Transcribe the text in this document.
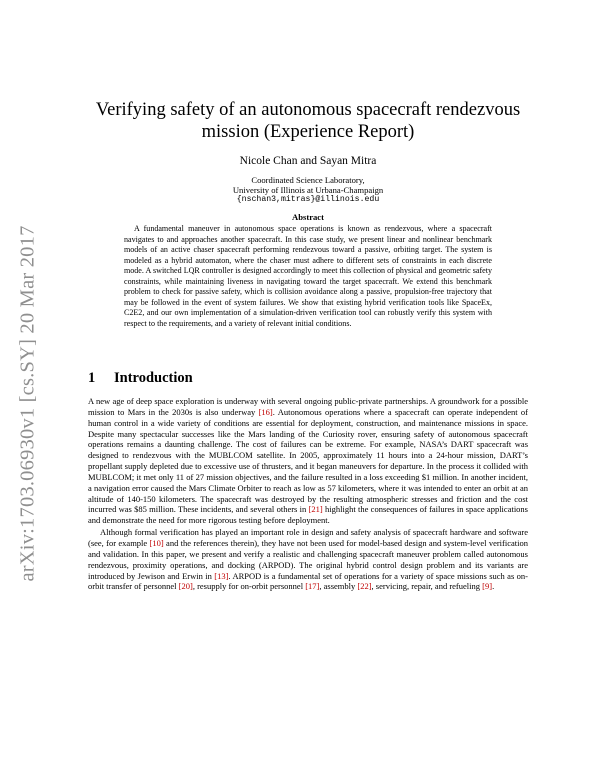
arXiv:1703.06930v1 [cs.SY] 20 Mar 2017
Verifying safety of an autonomous spacecraft rendezvous
mission (Experience Report)
Nicole Chan and Sayan Mitra
Coordinated Science Laboratory,
University of Illinois at Urbana-Champaign
{nschan3,mitras}@illinois.edu
Abstract
A fundamental maneuver in autonomous space operations is known as rendezvous, where a spacecraft navigates to and approaches another spacecraft. In this case study, we present linear and nonlinear benchmark models of an active chaser spacecraft performing rendezvous toward a passive, orbiting target. The system is modeled as a hybrid automaton, where the chaser must adhere to different sets of constraints in each discrete mode. A switched LQR controller is designed accordingly to meet this collection of physical and geometric safety constraints, while maintaining liveness in navigating toward the target spacecraft. We extend this benchmark problem to check for passive safety, which is collision avoidance along a passive, propulsion-free trajectory that may be followed in the event of system failures. We show that existing hybrid verification tools like SpaceEx, C2E2, and our own implementation of a simulation-driven verification tool can robustly verify this system with respect to the requirements, and a variety of relevant initial conditions.
1 Introduction

A new age of deep space exploration is underway with several ongoing public-private partnerships. A groundwork for a possible mission to Mars in the 2030s is also underway [16]. Autonomous operations where a spacecraft can operate independent of human control in a wide variety of conditions are essential for deployment, construction, and maintenance missions in space. Despite many spectacular successes like the Mars landing of the Curiosity rover, ensuring safety of autonomous spacecraft operations remains a daunting challenge. The cost of failures can be extreme. For example, NASA’s DART spacecraft was designed to rendezvous with the MUBLCOM satellite. In 2005, approximately 11 hours into a 24-hour mission, DART’s propellant supply depleted due to excessive use of thrusters, and it began maneuvers for departure. In the process it collided with MUBLCOM; it met only 11 of 27 mission objectives, and the failure resulted in a loss exceeding $1 million. In another incident, a navigation error caused the Mars Climate Orbiter to reach as low as 57 kilometers, where it was intended to enter an orbit at an altitude of 140-150 kilometers. The spacecraft was destroyed by the resulting atmospheric stresses and friction and the cost incurred was $85 million. These incidents, and several others in [21] highlight the consequences of failures in space applications and demonstrate the need for more rigorous testing before deployment.

Although formal verification has played an important role in design and safety analysis of spacecraft hardware and software (see, for example [10] and the references therein), they have not been used for model-based design and system-level verification and validation. In this paper, we present and verify a realistic and challenging spacecraft maneuver problem called autonomous rendezvous, proximity operations, and docking (ARPOD). The original hybrid control design problem and its variants are introduced by Jewison and Erwin in [13]. ARPOD is a fundamental set of operations for a variety of space missions such as on-orbit transfer of personnel [20], resupply for on-orbit personnel [17], assembly [22], servicing, repair, and refueling [9].
